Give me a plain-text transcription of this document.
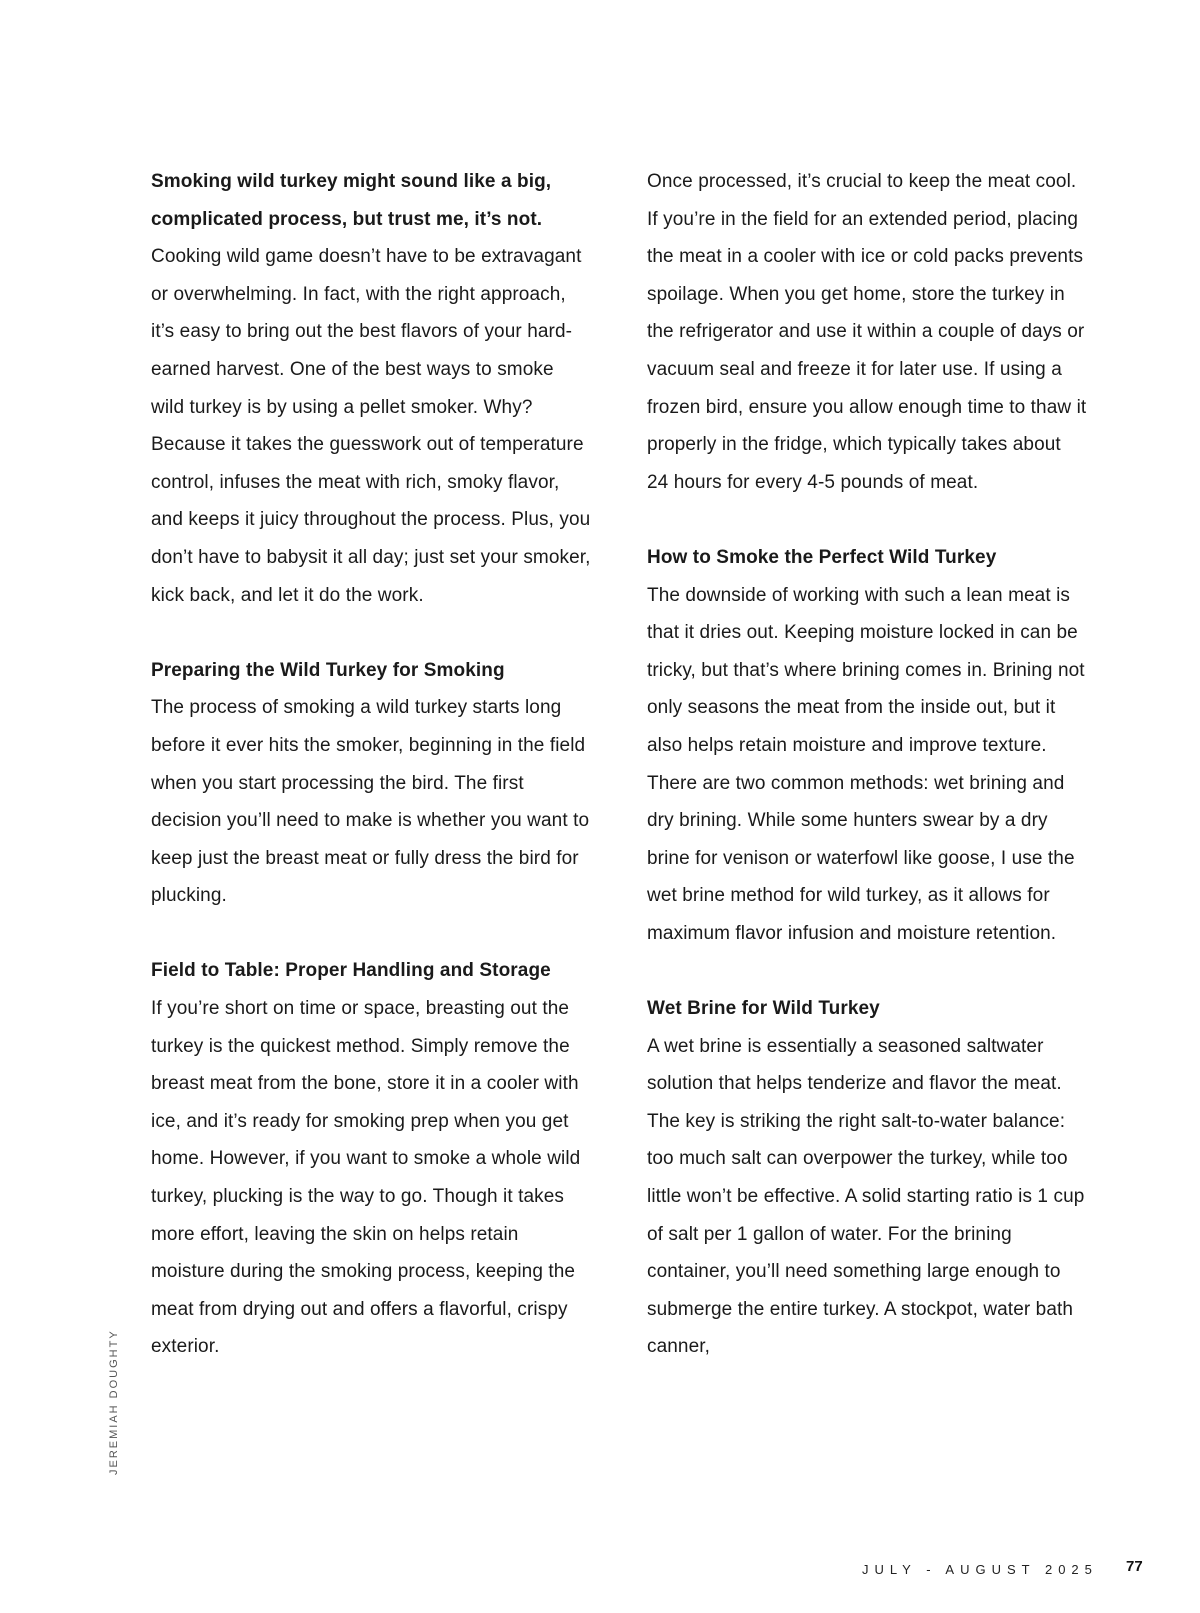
Smoking wild turkey might sound like a big, complicated process, but trust me, it’s not. Cooking wild game doesn’t have to be extravagant or overwhelming. In fact, with the right approach, it’s easy to bring out the best flavors of your hard-earned harvest. One of the best ways to smoke wild turkey is by using a pellet smoker. Why? Because it takes the guesswork out of temperature control, infuses the meat with rich, smoky flavor, and keeps it juicy throughout the process. Plus, you don’t have to babysit it all day; just set your smoker, kick back, and let it do the work.

Preparing the Wild Turkey for Smoking

The process of smoking a wild turkey starts long before it ever hits the smoker, beginning in the field when you start processing the bird. The first decision you’ll need to make is whether you want to keep just the breast meat or fully dress the bird for plucking.

Field to Table: Proper Handling and Storage

If you’re short on time or space, breasting out the turkey is the quickest method. Simply remove the breast meat from the bone, store it in a cooler with ice, and it’s ready for smoking prep when you get home. However, if you want to smoke a whole wild turkey, plucking is the way to go. Though it takes more effort, leaving the skin on helps retain moisture during the smoking process, keeping the meat from drying out and offers a flavorful, crispy exterior.

Once processed, it’s crucial to keep the meat cool. If you’re in the field for an extended period, placing the meat in a cooler with ice or cold packs prevents spoilage. When you get home, store the turkey in the refrigerator and use it within a couple of days or vacuum seal and freeze it for later use. If using a frozen bird, ensure you allow enough time to thaw it properly in the fridge, which typically takes about 24 hours for every 4-5 pounds of meat.

How to Smoke the Perfect Wild Turkey

The downside of working with such a lean meat is that it dries out. Keeping moisture locked in can be tricky, but that’s where brining comes in. Brining not only seasons the meat from the inside out, but it also helps retain moisture and improve texture. There are two common methods: wet brining and dry brining. While some hunters swear by a dry brine for venison or waterfowl like goose, I use the wet brine method for wild turkey, as it allows for maximum flavor infusion and moisture retention.

Wet Brine for Wild Turkey

A wet brine is essentially a seasoned saltwater solution that helps tenderize and flavor the meat. The key is striking the right salt-to-water balance: too much salt can overpower the turkey, while too little won’t be effective. A solid starting ratio is 1 cup of salt per 1 gallon of water. For the brining container, you’ll need something large enough to submerge the entire turkey. A stockpot, water bath canner,

JEREMIAH DOUGHTY
JULY - AUGUST 2025 77
